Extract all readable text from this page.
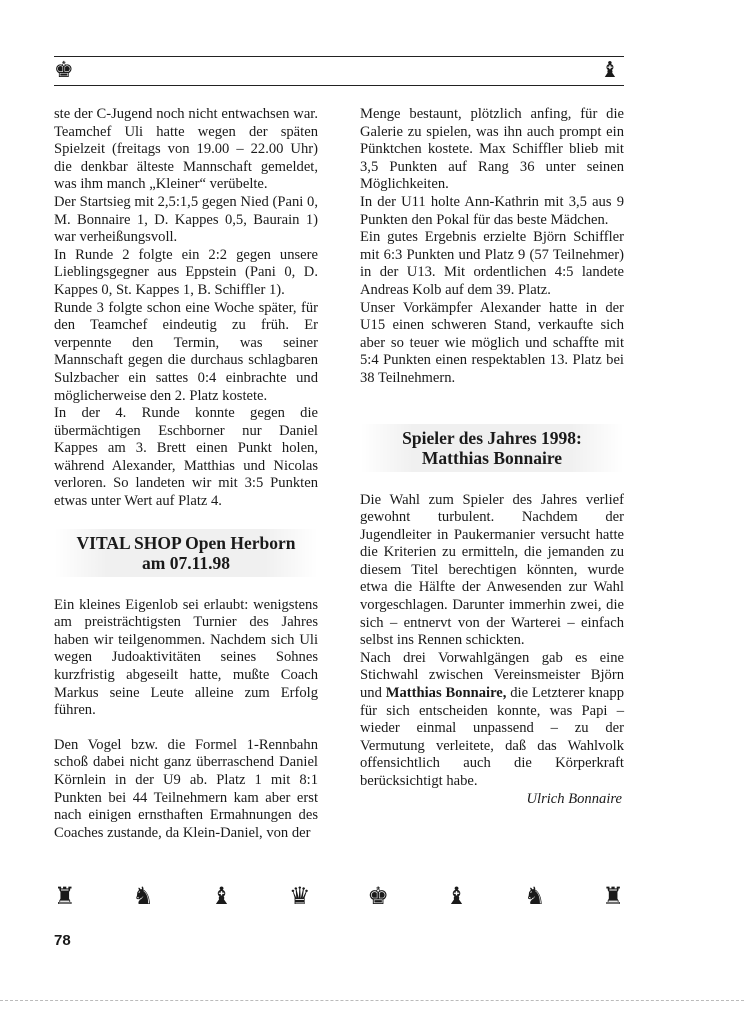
♚	♝

ste der C-Jugend noch nicht entwachsen war. Teamchef Uli hatte wegen der späten Spielzeit (freitags von 19.00 – 22.00 Uhr) die denkbar älteste Mannschaft gemeldet, was ihm manch „Kleiner“ verübelte.

Der Startsieg mit 2,5:1,5 gegen Nied (Pani 0, M. Bonnaire 1, D. Kappes 0,5, Baurain 1) war verheißungsvoll.

In Runde 2 folgte ein 2:2 gegen unsere Lieblingsgegner aus Eppstein (Pani 0, D. Kappes 0, St. Kappes 1, B. Schiffler 1).

Runde 3 folgte schon eine Woche später, für den Teamchef eindeutig zu früh. Er verpennte den Termin, was seiner Mannschaft gegen die durchaus schlagbaren Sulzbacher ein sattes 0:4 einbrachte und möglicherweise den 2. Platz kostete.

In der 4. Runde konnte gegen die übermächtigen Eschborner nur Daniel Kappes am 3. Brett einen Punkt holen, während Alexander, Matthias und Nicolas verloren. So landeten wir mit 3:5 Punkten etwas unter Wert auf Platz 4.

VITAL SHOP Open Herborn
am 07.11.98

Ein kleines Eigenlob sei erlaubt: wenigstens am preisträchtigsten Turnier des Jahres haben wir teilgenommen. Nachdem sich Uli wegen Judoaktivitäten seines Sohnes kurzfristig abgeseilt hatte, mußte Coach Markus seine Leute alleine zum Erfolg führen.

Den Vogel bzw. die Formel 1-Rennbahn schoß dabei nicht ganz überraschend Daniel Körnlein in der U9 ab. Platz 1 mit 8:1 Punkten bei 44 Teilnehmern kam aber erst nach einigen ernsthaften Ermahnungen des Coaches zustande, da Klein-Daniel, von der

Menge bestaunt, plötzlich anfing, für die Galerie zu spielen, was ihn auch prompt ein Pünktchen kostete. Max Schiffler blieb mit 3,5 Punkten auf Rang 36 unter seinen Möglichkeiten.

In der U11 holte Ann-Kathrin mit 3,5 aus 9 Punkten den Pokal für das beste Mädchen.

Ein gutes Ergebnis erzielte Björn Schiffler mit 6:3 Punkten und Platz 9 (57 Teilnehmer) in der U13. Mit ordentlichen 4:5 landete Andreas Kolb auf dem 39. Platz.

Unser Vorkämpfer Alexander hatte in der U15 einen schweren Stand, verkaufte sich aber so teuer wie möglich und schaffte mit 5:4 Punkten einen respektablen 13. Platz bei 38 Teilnehmern.

Spieler des Jahres 1998:
Matthias Bonnaire

Die Wahl zum Spieler des Jahres verlief gewohnt turbulent. Nachdem der Jugendleiter in Paukermanier versucht hatte die Kriterien zu ermitteln, die jemanden zu diesem Titel berechtigen könnten, wurde etwa die Hälfte der Anwesenden zur Wahl vorgeschlagen. Darunter immerhin zwei, die sich – entnervt von der Warterei – einfach selbst ins Rennen schickten.

Nach drei Vorwahlgängen gab es eine Stichwahl zwischen Vereinsmeister Björn und Matthias Bonnaire, die Letzterer knapp für sich entscheiden konnte, was Papi – wieder einmal unpassend – zu der Vermutung verleitete, daß das Wahlvolk offensichtlich auch die Körperkraft berücksichtigt habe.

Ulrich Bonnaire

♜ ♞ ♝ ♛ ♚ ♝ ♞ ♜
78
